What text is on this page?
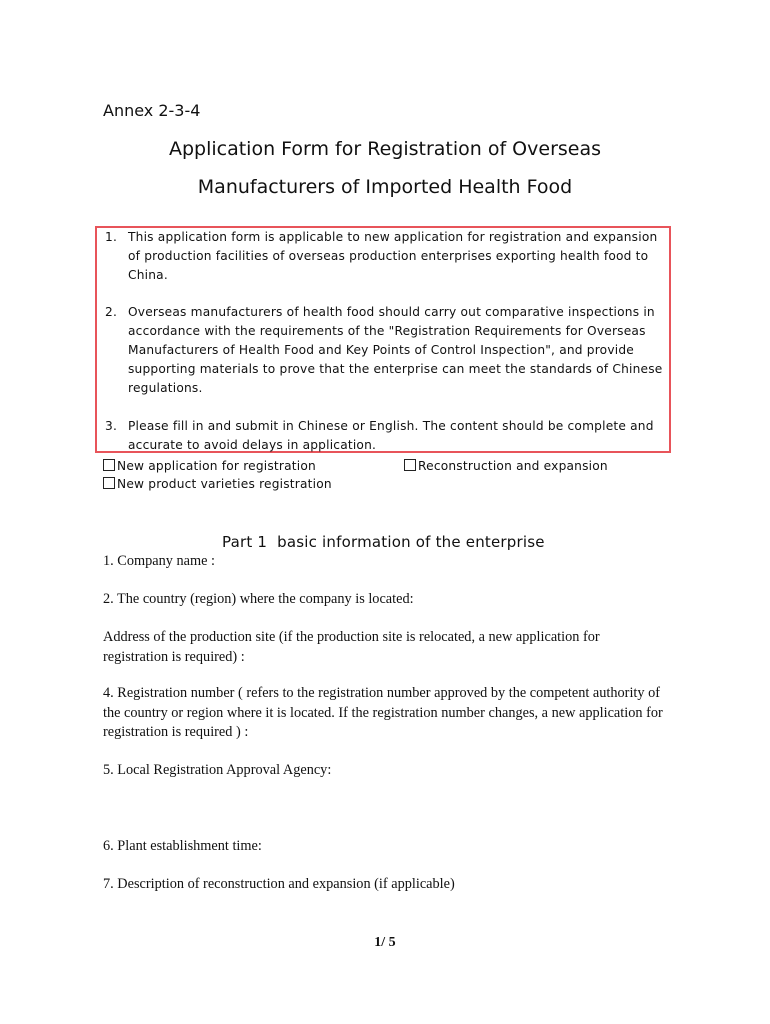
Annex 2-3-4
Application Form for Registration of Overseas
Manufacturers of Imported Health Food
1. This application form is applicable to new application for registration and expansion of production facilities of overseas production enterprises exporting health food to China.
2. Overseas manufacturers of health food should carry out comparative inspections in accordance with the requirements of the "Registration Requirements for Overseas Manufacturers of Health Food and Key Points of Control Inspection", and provide supporting materials to prove that the enterprise can meet the standards of Chinese regulations.
3. Please fill in and submit in Chinese or English. The content should be complete and accurate to avoid delays in application.
New application for registration	Reconstruction and expansion
New product varieties registration
Part 1 basic information of the enterprise
1. Company name :
2. The country (region) where the company is located:
Address of the production site (if the production site is relocated, a new application for registration is required) :
4. Registration number ( refers to the registration number approved by the competent authority of the country or region where it is located. If the registration number changes, a new application for registration is required ) :
5. Local Registration Approval Agency:
6. Plant establishment time:
7. Description of reconstruction and expansion (if applicable)
1/ 5
